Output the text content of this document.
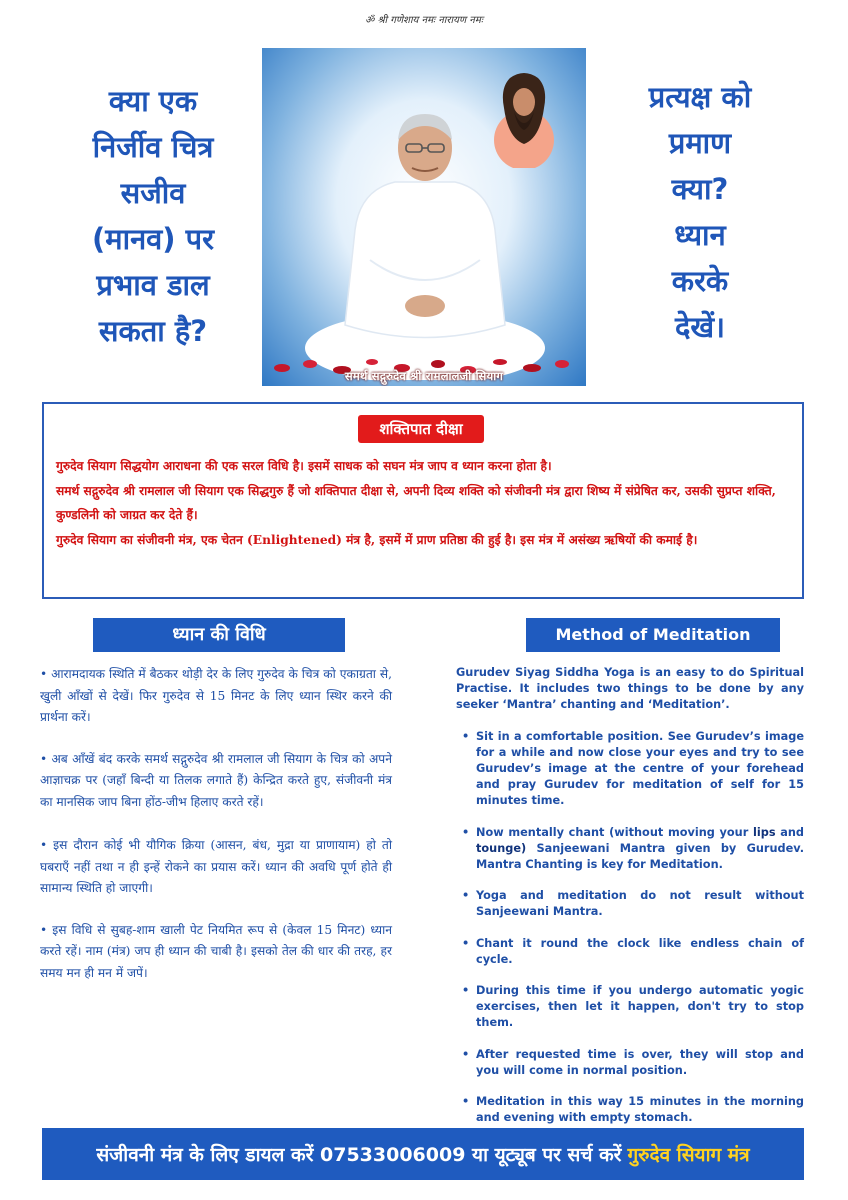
ॐ श्री गणेशाय नमः नारायण नमः
क्या एक
निर्जीव चित्र
सजीव
(मानव) पर
प्रभाव डाल
सकता है?
समर्थ सद्गुरुदेव श्री रामलालजी सियाग
प्रत्यक्ष को
प्रमाण
क्या?
ध्यान
करके
देखें।
शक्तिपात दीक्षा

गुरुदेव सियाग सिद्धयोग आराधना की एक सरल विधि है। इसमें साधक को सघन मंत्र जाप व ध्यान करना होता है।

समर्थ सद्गुरुदेव श्री रामलाल जी सियाग एक सिद्धगुरु हैं जो शक्तिपात दीक्षा से, अपनी दिव्य शक्ति को संजीवनी मंत्र द्वारा शिष्य में संप्रेषित कर, उसकी सुप्रप्त शक्ति, कुण्डलिनी को जाग्रत कर देते हैं।

गुरुदेव सियाग का संजीवनी मंत्र, एक चेतन (Enlightened) मंत्र है, इसमें में प्राण प्रतिष्ठा की हुई है। इस मंत्र में असंख्य ऋषियों की कमाई है।

ध्यान की विधि	Method of Meditation
• आरामदायक स्थिति में बैठकर थोड़ी देर के लिए गुरुदेव के चित्र को एकाग्रता से, खुली आँखों से देखें। फिर गुरुदेव से 15 मिनट के लिए ध्यान स्थिर करने की प्रार्थना करें।
• अब आँखें बंद करके समर्थ सद्गुरुदेव श्री रामलाल जी सियाग के चित्र को अपने आज्ञाचक्र पर (जहाँ बिन्दी या तिलक लगाते हैं) केन्द्रित करते हुए, संजीवनी मंत्र का मानसिक जाप बिना होंठ-जीभ हिलाए करते रहें।
• इस दौरान कोई भी यौगिक क्रिया (आसन, बंध, मुद्रा या प्राणायाम) हो तो घबराएँ नहीं तथा न ही इन्हें रोकने का प्रयास करें। ध्यान की अवधि पूर्ण होते ही सामान्य स्थिति हो जाएगी।
• इस विधि से सुबह-शाम खाली पेट नियमित रूप से (केवल 15 मिनट) ध्यान करते रहें। नाम (मंत्र) जप ही ध्यान की चाबी है। इसको तेल की धार की तरह, हर समय मन ही मन में जपें।
Gurudev Siyag Siddha Yoga is an easy to do Spiritual Practise. It includes two things to be done by any seeker ‘Mantra’ chanting and ‘Meditation’.
• Sit in a comfortable position. See Gurudev’s image for a while and now close your eyes and try to see Gurudev’s image at the centre of your forehead and pray Gurudev for meditation of self for 15 minutes time.
• Now mentally chant (without moving your lips and tounge) Sanjeewani Mantra given by Gurudev. Mantra Chanting is key for Meditation.
• Yoga and meditation do not result without Sanjeewani Mantra.
• Chant it round the clock like endless chain of cycle.
• During this time if you undergo automatic yogic exercises, then let it happen, don't try to stop them.
• After requested time is over, they will stop and you will come in normal position.
• Meditation in this way 15 minutes in the morning and evening with empty stomach.
संजीवनी मंत्र के लिए डायल करें 07533006009 या यूट्यूब पर सर्च करें गुरुदेव सियाग मंत्र
